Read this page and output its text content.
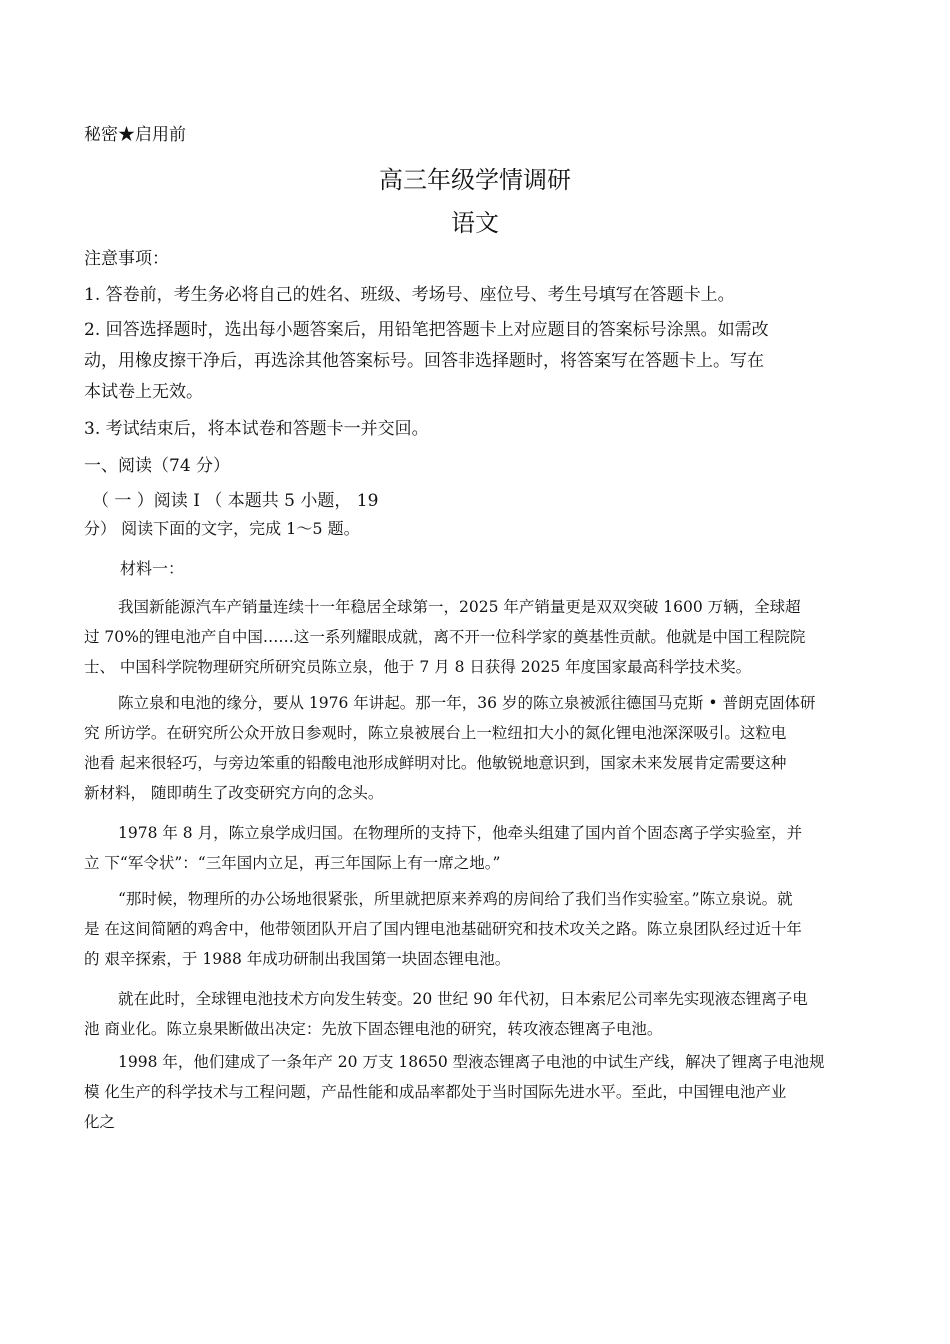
秘密★启用前
高三年级学情调研
语文
注意事项：

1. 答卷前，考生务必将自己的姓名、班级、考场号、座位号、考生号填写在答题卡上。

2. 回答选择题时，选出每小题答案后，用铅笔把答题卡上对应题目的答案标号涂黑。如需改

动，用橡皮擦干净后，再选涂其他答案标号。回答非选择题时，将答案写在答题卡上。写在

本试卷上无效。

3. 考试结束后，将本试卷和答题卡一并交回。

一、阅读（74 分）
（ 一 ）阅读 I （ 本题共 5 小题， 19
分） 阅读下面的文字，完成 1～5 题。
材料一：
我国新能源汽车产销量连续十一年稳居全球第一，2025 年产销量更是双双突破 1600 万辆，全球超
过 70%的锂电池产自中国……这一系列耀眼成就，离不开一位科学家的奠基性贡献。他就是中国工程院院
士、 中国科学院物理研究所研究员陈立泉，他于 7 月 8 日获得 2025 年度国家最高科学技术奖。
陈立泉和电池的缘分，要从 1976 年讲起。那一年，36 岁的陈立泉被派往德国马克斯 • 普朗克固体研
究 所访学。在研究所公众开放日参观时，陈立泉被展台上一粒纽扣大小的氮化锂电池深深吸引。这粒电
池看 起来很轻巧，与旁边笨重的铅酸电池形成鲜明对比。他敏锐地意识到，国家未来发展肯定需要这种
新材料， 随即萌生了改变研究方向的念头。
1978 年 8 月，陈立泉学成归国。在物理所的支持下，他牵头组建了国内首个固态离子学实验室，并
立 下“军令状”：“三年国内立足，再三年国际上有一席之地。”
“那时候，物理所的办公场地很紧张，所里就把原来养鸡的房间给了我们当作实验室。”陈立泉说。就
是 在这间简陋的鸡舍中，他带领团队开启了国内锂电池基础研究和技术攻关之路。陈立泉团队经过近十年
的 艰辛探索，于 1988 年成功研制出我国第一块固态锂电池。
就在此时，全球锂电池技术方向发生转变。20 世纪 90 年代初，日本索尼公司率先实现液态锂离子电
池 商业化。陈立泉果断做出决定：先放下固态锂电池的研究，转攻液态锂离子电池。
1998 年，他们建成了一条年产 20 万支 18650 型液态锂离子电池的中试生产线，解决了锂离子电池规
模 化生产的科学技术与工程问题，产品性能和成品率都处于当时国际先进水平。至此，中国锂电池产业
化之
